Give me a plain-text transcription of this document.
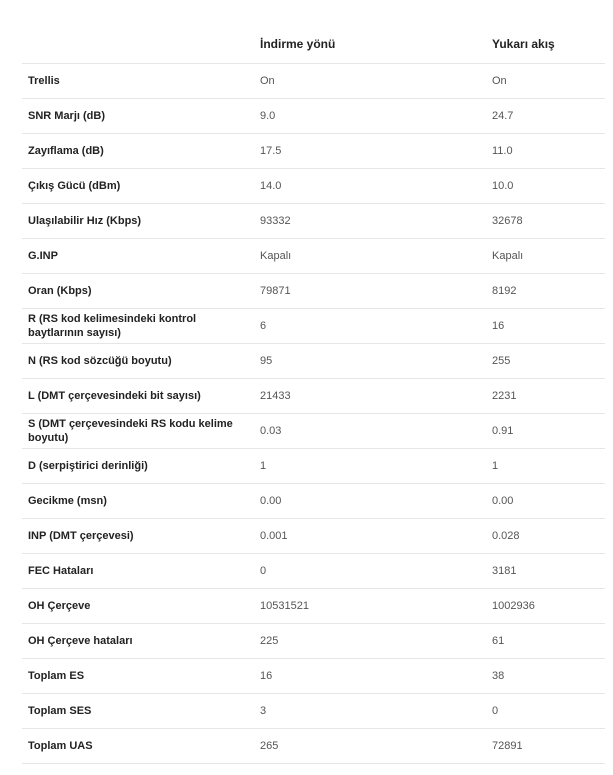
	İndirme yönü	Yukarı akış
Trellis	On	On
SNR Marjı (dB)	9.0	24.7
Zayıflama (dB)	17.5	11.0
Çıkış Gücü (dBm)	14.0	10.0
Ulaşılabilir Hız (Kbps)	93332	32678
G.INP	Kapalı	Kapalı
Oran (Kbps)	79871	8192
R (RS kod kelimesindeki kontrol baytlarının sayısı)	6	16
N (RS kod sözcüğü boyutu)	95	255
L (DMT çerçevesindeki bit sayısı)	21433	2231
S (DMT çerçevesindeki RS kodu kelime boyutu)	0.03	0.91
D (serpiştirici derinliği)	1	1
Gecikme (msn)	0.00	0.00
INP (DMT çerçevesi)	0.001	0.028
FEC Hataları	0	3181
OH Çerçeve	10531521	1002936
OH Çerçeve hataları	225	61
Toplam ES	16	38
Toplam SES	3	0
Toplam UAS	265	72891
